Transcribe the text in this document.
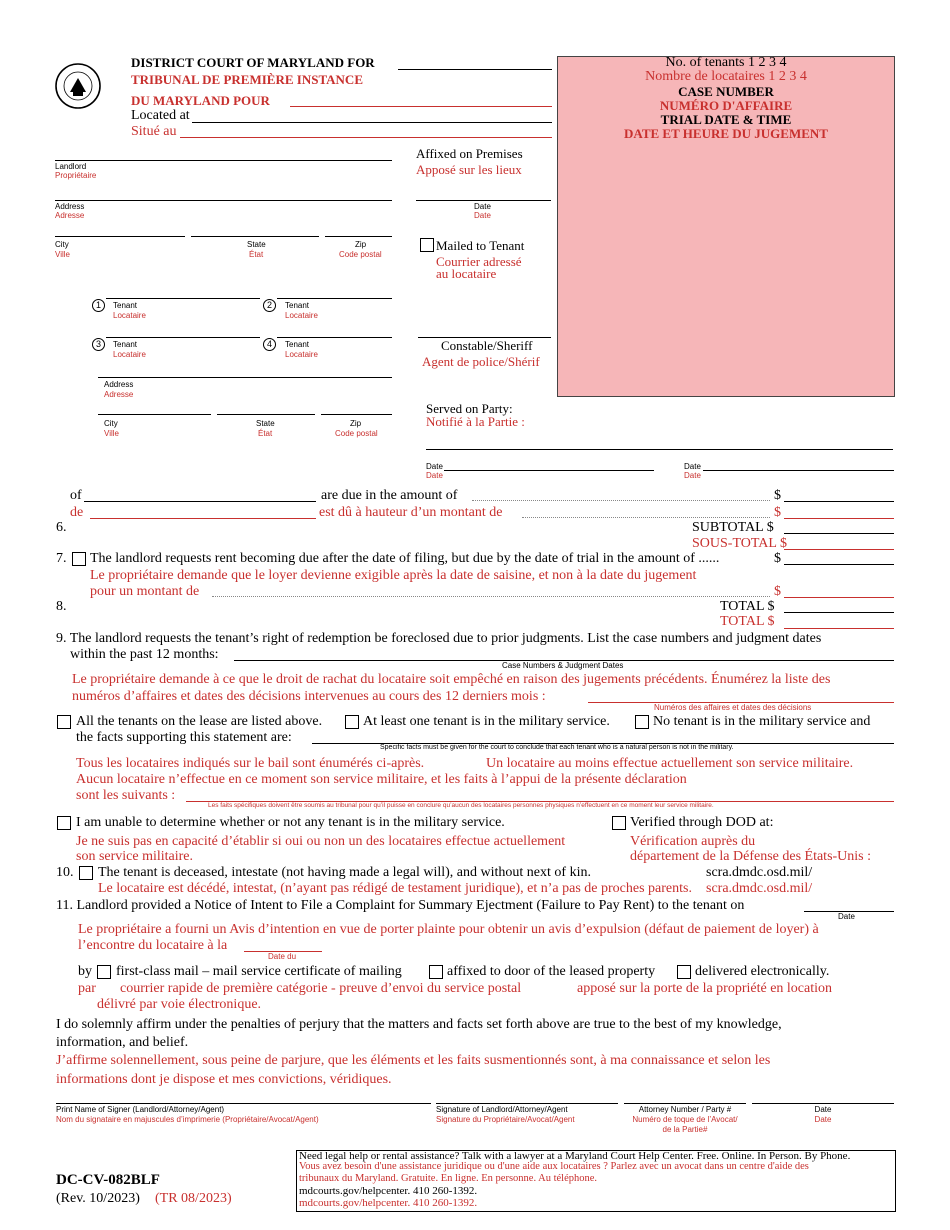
DISTRICT COURT OF MARYLAND FOR
TRIBUNAL DE PREMIÈRE INSTANCE
DU MARYLAND POUR
Located at
Situé au
No. of tenants 1 2 3 4
Nombre de locataires 1 2 3 4
CASE NUMBER
NUMÉRO D'AFFAIRE
TRIAL DATE & TIME
DATE ET HEURE DU JUGEMENT
Landlord
Propriétaire
Address
Adresse
City
Ville
State
État
Zip
Code postal
1	Tenant
Locataire
2	Tenant
Locataire
3	Tenant
Locataire
4	Tenant
Locataire
Address
Adresse
City
Ville
State
État
Zip
Code postal
Affixed on Premises
Apposé sur les lieux
Date
Date
Mailed to Tenant
Courrier adressé
au locataire
Constable/Sheriff
Agent de police/Shérif
Served on Party:
Notifié à la Partie :
Date
Date
Date
Date
of	are due in the amount of	$
de	est dû à hauteur d’un montant de	$
6.	SUBTOTAL $
SOUS-TOTAL $
7. The landlord requests rent becoming due after the date of filing, but due by the date of trial in the amount of ......	$
Le propriétaire demande que le loyer devienne exigible après la date de saisine, et non à la date du jugement
pour un montant de	$
8.	TOTAL $
TOTAL $
9. The landlord requests the tenant’s right of redemption be foreclosed due to prior judgments. List the case numbers and judgment dates
within the past 12 months:
Case Numbers & Judgment Dates
Le propriétaire demande à ce que le droit de rachat du locataire soit empêché en raison des jugements précédents. Énumérez la liste des
numéros d’affaires et dates des décisions intervenues au cours des 12 derniers mois :
Numéros des affaires et dates des décisions
All the tenants on the lease are listed above.	At least one tenant is in the military service.	No tenant is in the military service and
the facts supporting this statement are:
Specific facts must be given for the court to conclude that each tenant who is a natural person is not in the military.
Tous les locataires indiqués sur le bail sont énumérés ci-après.	Un locataire au moins effectue actuellement son service militaire.
Aucun locataire n’effectue en ce moment son service militaire, et les faits à l’appui de la présente déclaration
sont les suivants :
Les faits spécifiques doivent être soumis au tribunal pour qu’il puisse en conclure qu’aucun des locataires personnes physiques n’effectuent en ce moment leur service militaire.
I am unable to determine whether or not any tenant is in the military service.	Verified through DOD at:
Je ne suis pas en capacité d’établir si oui ou non un des locataires effectue actuellement
son service militaire.
Vérification auprès du
département de la Défense des États-Unis :
10. The tenant is deceased, intestate (not having made a legal will), and without next of kin.	scra.dmdc.osd.mil/
Le locataire est décédé, intestat, (n’ayant pas rédigé de testament juridique), et n’a pas de proches parents. scra.dmdc.osd.mil/
11. Landlord provided a Notice of Intent to File a Complaint for Summary Ejectment (Failure to Pay Rent) to the tenant on
Date
Le propriétaire a fourni un Avis d’intention en vue de porter plainte pour obtenir un avis d’expulsion (défaut de paiement de loyer) à
l’encontre du locataire à la
Date du
by first-class mail – mail service certificate of mailing	affixed to door of the leased property	delivered electronically.
par courrier rapide de première catégorie - preuve d’envoi du service postal	apposé sur la porte de la propriété en location
délivré par voie électronique.
I do solemnly affirm under the penalties of perjury that the matters and facts set forth above are true to the best of my knowledge,
information, and belief.
J’affirme solennellement, sous peine de parjure, que les éléments et les faits susmentionnés sont, à ma connaissance et selon les
informations dont je dispose et mes convictions, véridiques.
Print Name of Signer (Landlord/Attorney/Agent)
Nom du signataire en majuscules d’imprimerie (Propriétaire/Avocat/Agent)
Signature of Landlord/Attorney/Agent
Signature du Propriétaire/Avocat/Agent
Attorney Number / Party #
Numéro de toque de l’Avocat/
de la Partie#
Date
Date
DC-CV-082BLF
(Rev. 10/2023) (TR 08/2023)
Need legal help or rental assistance? Talk with a lawyer at a Maryland Court Help Center. Free. Online. In Person. By Phone.
Vous avez besoin d'une assistance juridique ou d'une aide aux locataires ? Parlez avec un avocat dans un centre d'aide des
tribunaux du Maryland. Gratuite. En ligne. En personne. Au téléphone.
mdcourts.gov/helpcenter. 410 260-1392.
mdcourts.gov/helpcenter. 410 260-1392.
